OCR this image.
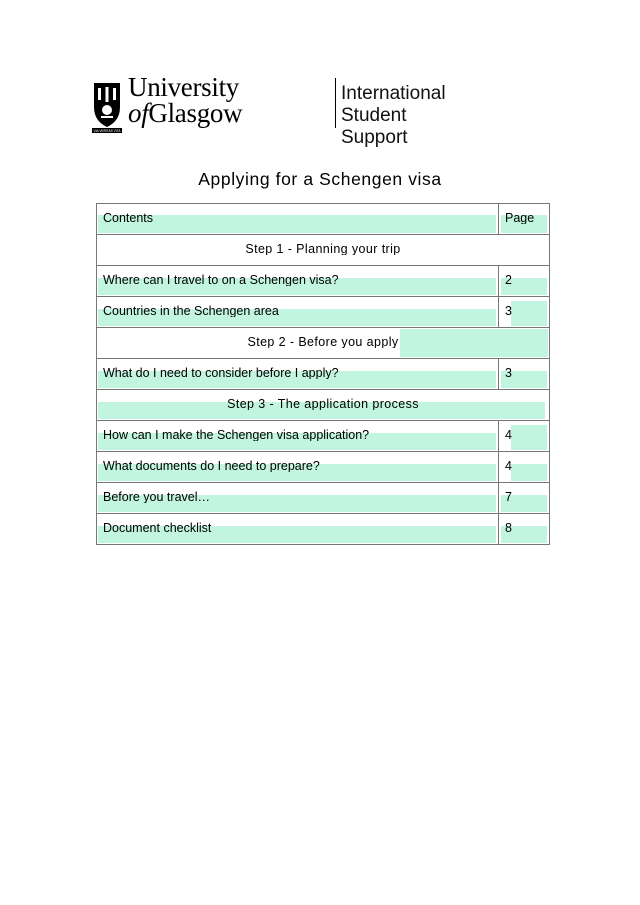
VIA VERITAS VITA
University
ofGlasgow
International
Student Support
Applying for a Schengen visa
Contents	Page

Step 1 - Planning your trip	

Where can I travel to on a Schengen visa?	2

Countries in the Schengen area	3

Step 2 - Before you apply	

What do I need to consider before I apply?	3

Step 3 - The application process	

How can I make the Schengen visa application?	4

What documents do I need to prepare?	4

Before you travel…	7

Document checklist	8
